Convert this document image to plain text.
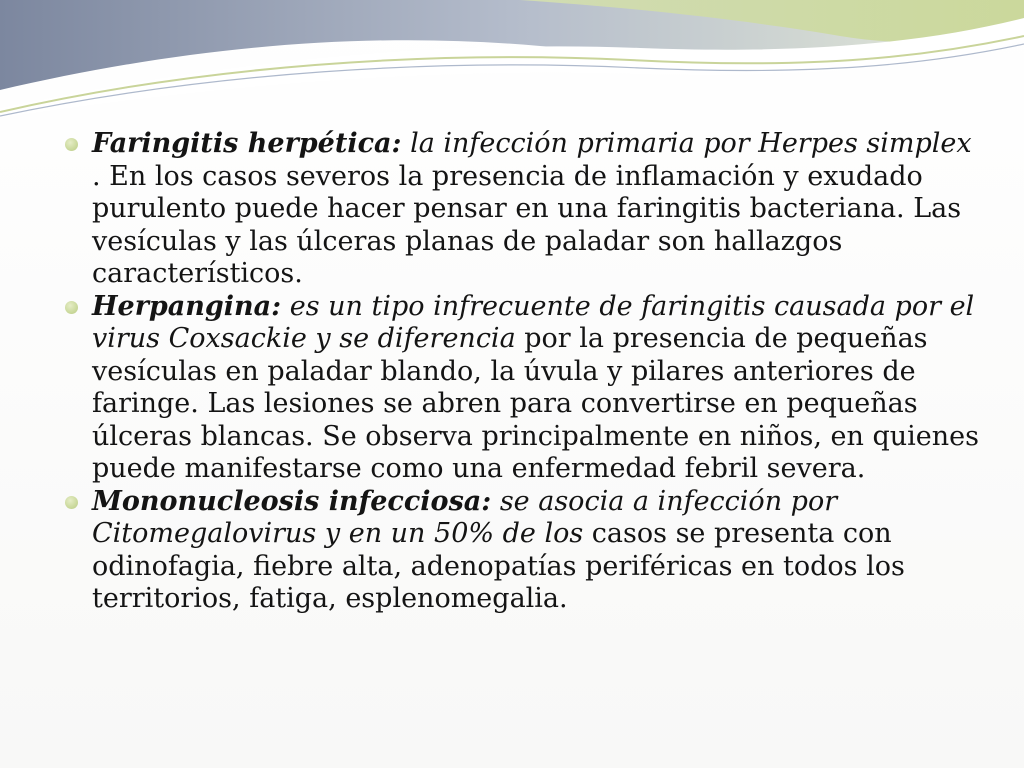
Faringitis herpética: la infección primaria por Herpes simplex . En los casos severos la presencia de inflamación y exudado purulento puede hacer pensar en una faringitis bacteriana. Las vesículas y las úlceras planas de paladar son hallazgos característicos.
Herpangina: es un tipo infrecuente de faringitis causada por el virus Coxsackie y se diferencia por la presencia de pequeñas vesículas en paladar blando, la úvula y pilares anteriores de faringe. Las lesiones se abren para convertirse en pequeñas úlceras blancas. Se observa principalmente en niños, en quienes puede manifestarse como una enfermedad febril severa.
Mononucleosis infecciosa: se asocia a infección por Citomegalovirus y en un 50% de los casos se presenta con odinofagia, fiebre alta, adenopatías periféricas en todos los territorios, fatiga, esplenomegalia.
